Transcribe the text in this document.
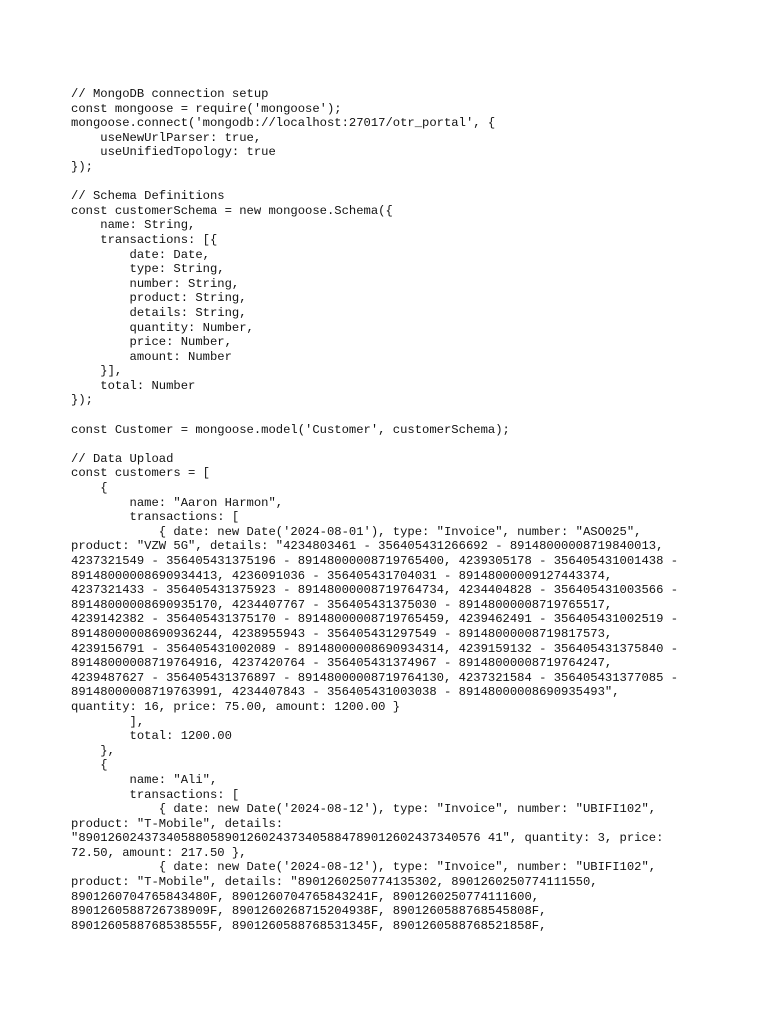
// MongoDB connection setup
const mongoose = require('mongoose');
mongoose.connect('mongodb://localhost:27017/otr_portal', {
useNewUrlParser: true,
useUnifiedTopology: true
});
// Schema Definitions
const customerSchema = new mongoose.Schema({
name: String,
transactions: [{
date: Date,
type: String,
number: String,
product: String,
details: String,
quantity: Number,
price: Number,
amount: Number
}],
total: Number
});
const Customer = mongoose.model('Customer', customerSchema);
// Data Upload
const customers = [
{
name: "Aaron Harmon",
transactions: [
{ date: new Date('2024-08-01'), type: "Invoice", number: "ASO025",
product: "VZW 5G", details: "4234803461 - 356405431266692 - 89148000008719840013,
4237321549 - 356405431375196 - 89148000008719765400, 4239305178 - 356405431001438 -
89148000008690934413, 4236091036 - 356405431704031 - 89148000009127443374,
4237321433 - 356405431375923 - 89148000008719764734, 4234404828 - 356405431003566 -
89148000008690935170, 4234407767 - 356405431375030 - 89148000008719765517,
4239142382 - 356405431375170 - 89148000008719765459, 4239462491 - 356405431002519 -
89148000008690936244, 4238955943 - 356405431297549 - 89148000008719817573,
4239156791 - 356405431002089 - 89148000008690934314, 4239159132 - 356405431375840 -
89148000008719764916, 4237420764 - 356405431374967 - 89148000008719764247,
4239487627 - 356405431376897 - 89148000008719764130, 4237321584 - 356405431377085 -
89148000008719763991, 4234407843 - 356405431003038 - 89148000008690935493",
quantity: 16, price: 75.00, amount: 1200.00 }
],
total: 1200.00
},
{
name: "Ali",
transactions: [
{ date: new Date('2024-08-12'), type: "Invoice", number: "UBIFI102",
product: "T-Mobile", details:
"8901260243734058805890126024373405884789012602437340576 41", quantity: 3, price:
72.50, amount: 217.50 },
{ date: new Date('2024-08-12'), type: "Invoice", number: "UBIFI102",
product: "T-Mobile", details: "8901260250774135302, 8901260250774111550,
8901260704765843480F, 8901260704765843241F, 8901260250774111600,
8901260588726738909F, 8901260268715204938F, 8901260588768545808F,
8901260588768538555F, 8901260588768531345F, 8901260588768521858F,
